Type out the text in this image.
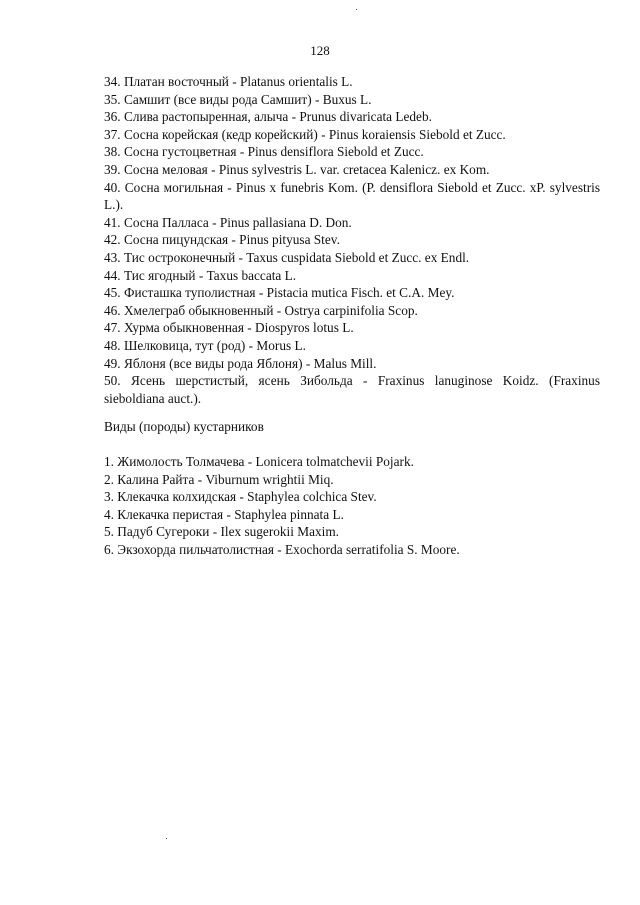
128

34. Платан восточный - Platanus orientalis L.

35. Самшит (все виды рода Самшит) - Buxus L.

36. Слива растопыренная, алыча - Prunus divaricata Ledeb.

37. Сосна корейская (кедр корейский) - Pinus koraiensis Siebold et Zucc.

38. Сосна густоцветная - Pinus densiflora Siebold et Zucc.

39. Сосна меловая - Pinus sylvestris L. var. cretacea Kalenicz. ex Kom.

40. Сосна могильная - Pinus x funebris Kom. (P. densiflora Siebold et Zucc. xP. sylvestris L.).

41. Сосна Палласа - Pinus pallasiana D. Don.

42. Сосна пицундская - Pinus pityusa Stev.

43. Тис остроконечный - Taxus cuspidata Siebold et Zucc. ex Endl.

44. Тис ягодный - Taxus baccata L.

45. Фисташка туполистная - Pistacia mutica Fisch. et C.A. Mey.

46. Хмелеграб обыкновенный - Ostrya carpinifolia Scop.

47. Хурма обыкновенная - Diospyros lotus L.

48. Шелковица, тут (род) - Morus L.

49. Яблоня (все виды рода Яблоня) - Malus Mill.

50. Ясень шерстистый, ясень Зибольда - Fraxinus lanuginose Koidz. (Fraxinus sieboldiana auct.).

Виды (породы) кустарников

1. Жимолость Толмачева - Lonicera tolmatchevii Pojark.

2. Калина Райта - Viburnum wrightii Miq.

3. Клекачка колхидская - Staphylea colchica Stev.

4. Клекачка перистая - Staphylea pinnata L.

5. Падуб Сугероки - Ilex sugerokii Maxim.

6. Экзохорда пильчатолистная - Exochorda serratifolia S. Moore.
